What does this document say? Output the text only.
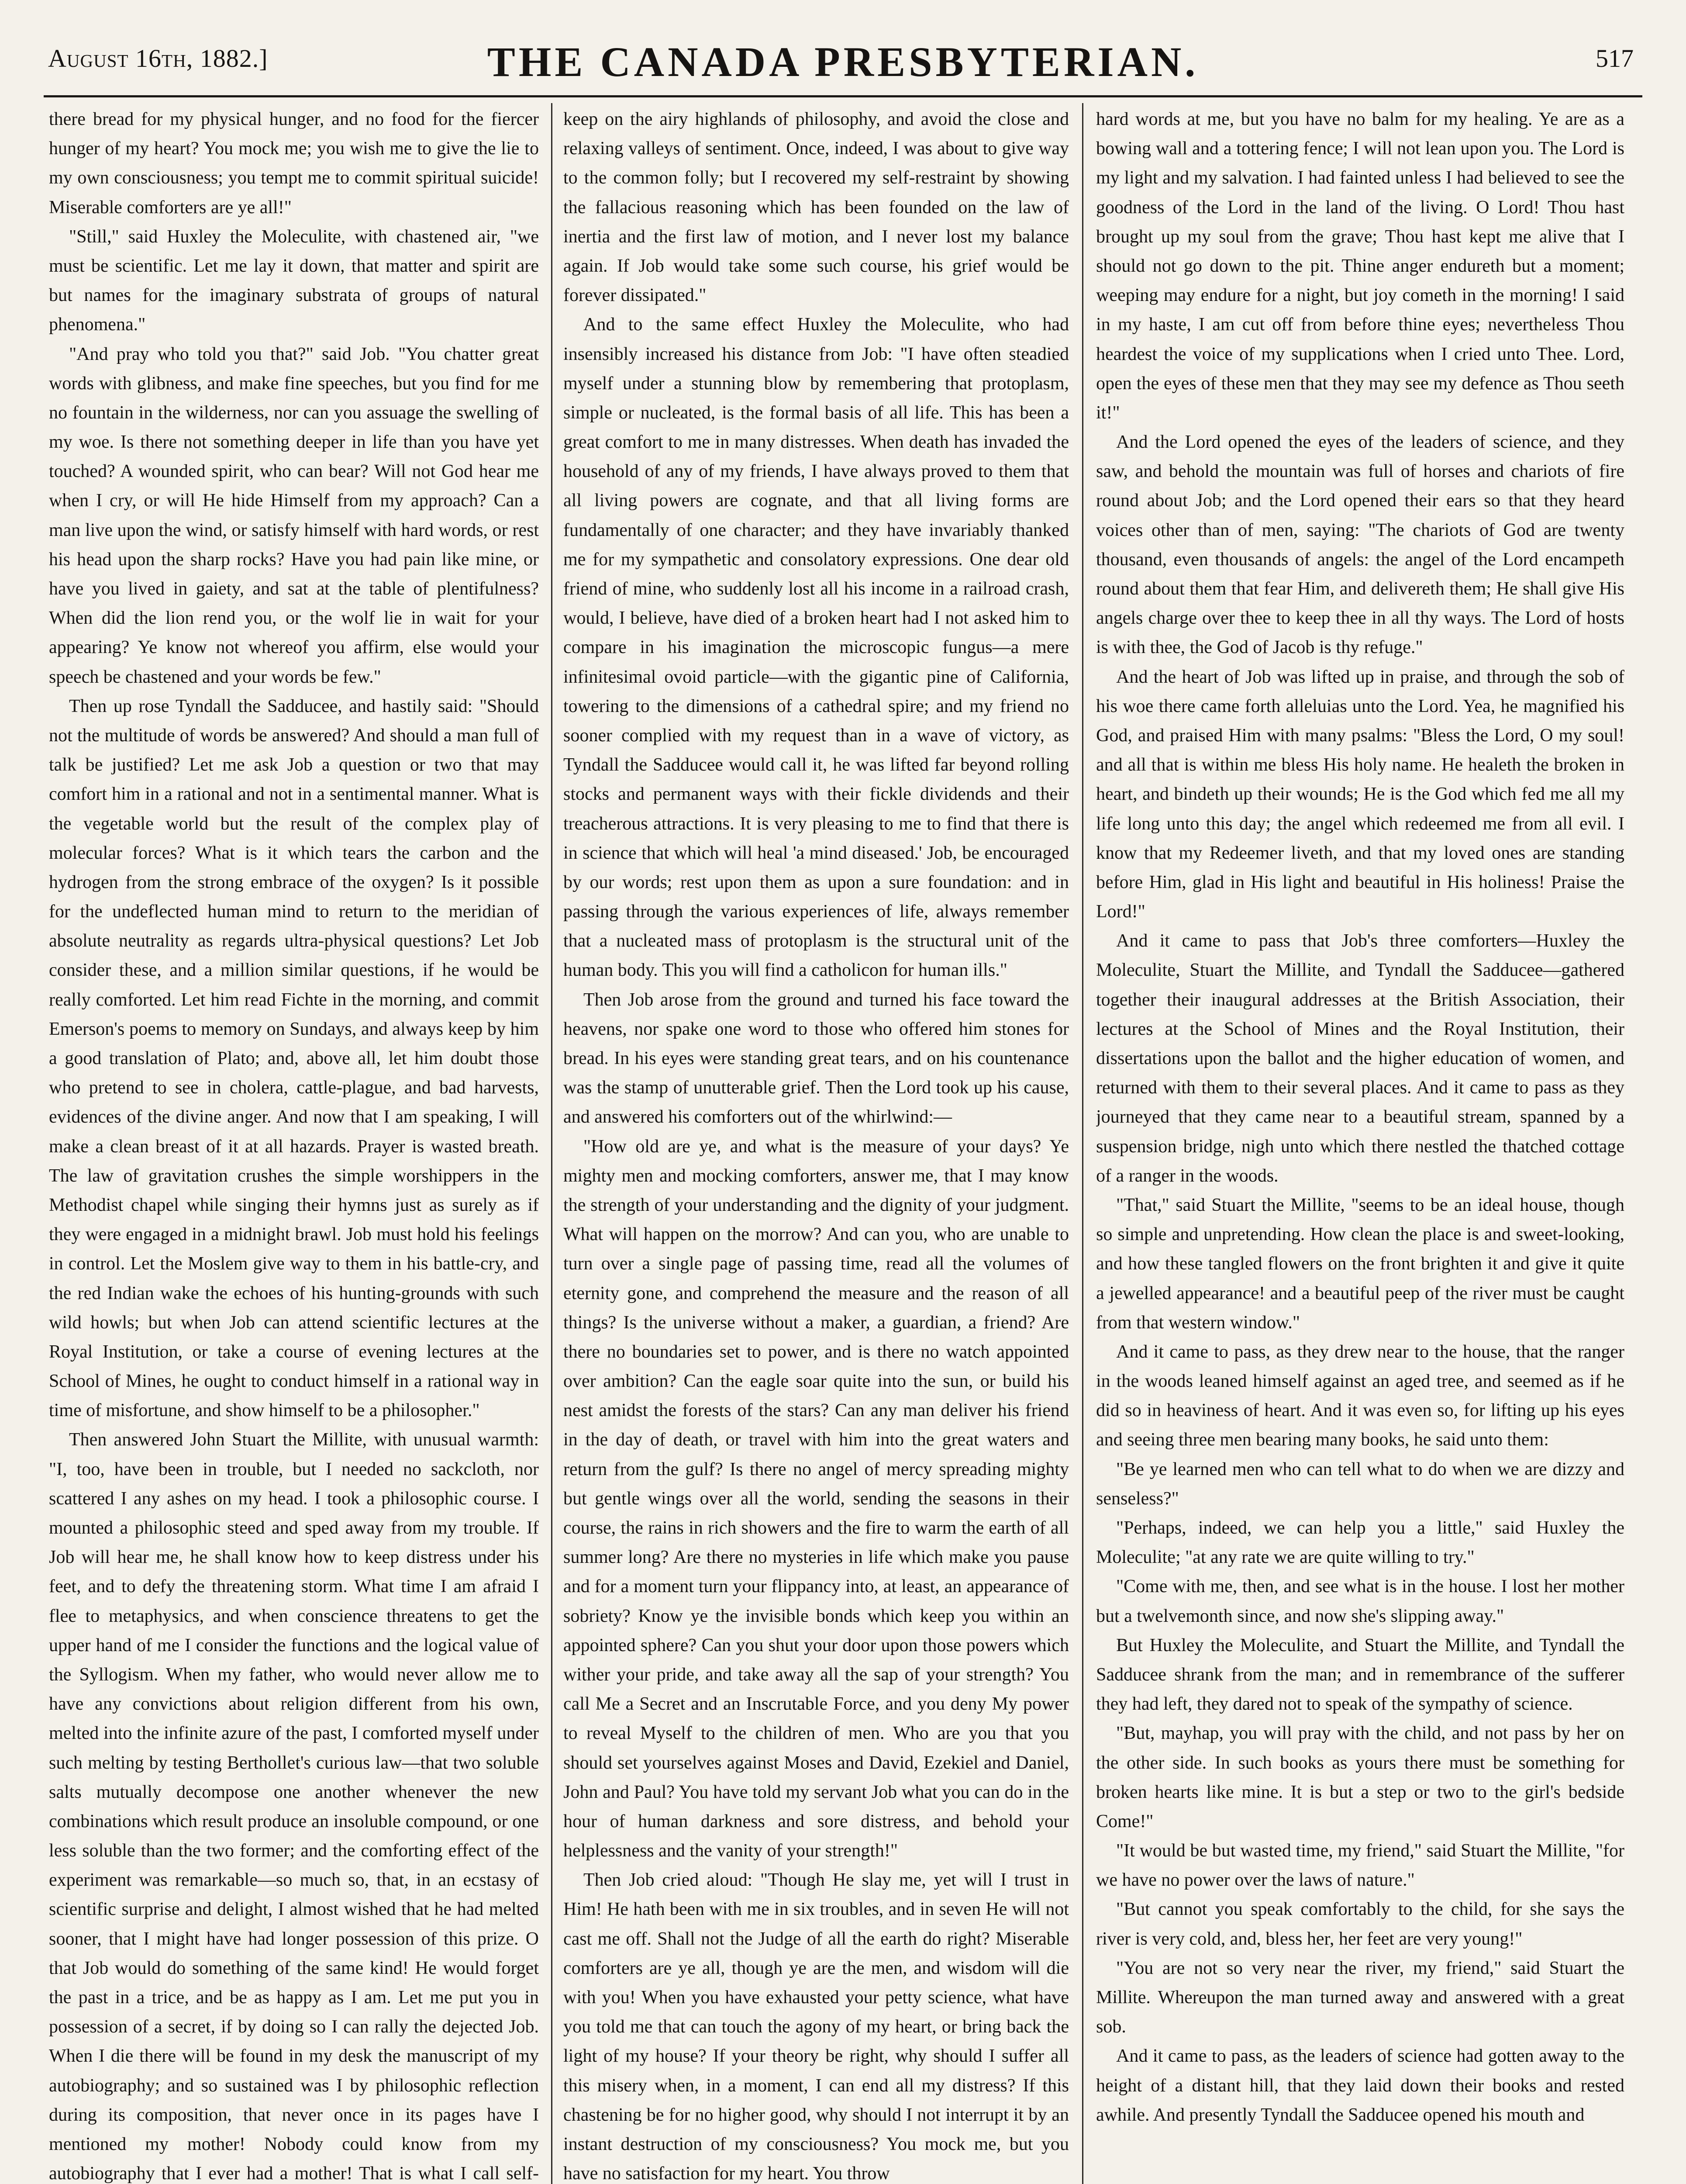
August 16th, 1882.]	THE CANADA PRESBYTERIAN.	517

there bread for my physical hunger, and no food for the fiercer hunger of my heart? You mock me; you wish me to give the lie to my own consciousness; you tempt me to commit spiritual suicide! Miserable comforters are ye all!"

"Still," said Huxley the Moleculite, with chastened air, "we must be scientific. Let me lay it down, that matter and spirit are but names for the imaginary substrata of groups of natural phenomena."

"And pray who told you that?" said Job. "You chatter great words with glibness, and make fine speeches, but you find for me no fountain in the wilderness, nor can you assuage the swelling of my woe. Is there not something deeper in life than you have yet touched? A wounded spirit, who can bear? Will not God hear me when I cry, or will He hide Himself from my approach? Can a man live upon the wind, or satisfy himself with hard words, or rest his head upon the sharp rocks? Have you had pain like mine, or have you lived in gaiety, and sat at the table of plentifulness? When did the lion rend you, or the wolf lie in wait for your appearing? Ye know not whereof you affirm, else would your speech be chastened and your words be few."

Then up rose Tyndall the Sadducee, and hastily said: "Should not the multitude of words be answered? And should a man full of talk be justified? Let me ask Job a question or two that may comfort him in a rational and not in a sentimental manner. What is the vegetable world but the result of the complex play of molecular forces? What is it which tears the carbon and the hydrogen from the strong embrace of the oxygen? Is it possible for the undeflected human mind to return to the meridian of absolute neutrality as regards ultra-physical questions? Let Job consider these, and a million similar questions, if he would be really comforted. Let him read Fichte in the morning, and commit Emerson's poems to memory on Sundays, and always keep by him a good translation of Plato; and, above all, let him doubt those who pretend to see in cholera, cattle-plague, and bad harvests, evidences of the divine anger. And now that I am speaking, I will make a clean breast of it at all hazards. Prayer is wasted breath. The law of gravitation crushes the simple worshippers in the Methodist chapel while singing their hymns just as surely as if they were engaged in a midnight brawl. Job must hold his feelings in control. Let the Moslem give way to them in his battle-cry, and the red Indian wake the echoes of his hunting-grounds with such wild howls; but when Job can attend scientific lectures at the Royal Institution, or take a course of evening lectures at the School of Mines, he ought to conduct himself in a rational way in time of misfortune, and show himself to be a philosopher."

Then answered John Stuart the Millite, with unusual warmth: "I, too, have been in trouble, but I needed no sackcloth, nor scattered I any ashes on my head. I took a philosophic course. I mounted a philosophic steed and sped away from my trouble. If Job will hear me, he shall know how to keep distress under his feet, and to defy the threatening storm. What time I am afraid I flee to metaphysics, and when conscience threatens to get the upper hand of me I consider the functions and the logical value of the Syllogism. When my father, who would never allow me to have any convictions about religion different from his own, melted into the infinite azure of the past, I comforted myself under such melting by testing Berthollet's curious law—that two soluble salts mutually decompose one another whenever the new combinations which result produce an insoluble compound, or one less soluble than the two former; and the comforting effect of the experiment was remarkable—so much so, that, in an ecstasy of scientific surprise and delight, I almost wished that he had melted sooner, that I might have had longer possession of this prize. O that Job would do something of the same kind! He would forget the past in a trice, and be as happy as I am. Let me put you in possession of a secret, if by doing so I can rally the dejected Job. When I die there will be found in my desk the manuscript of my autobiography; and so sustained was I by philosophic reflection during its composition, that never once in its pages have I mentioned my mother! Nobody could know from my autobiography that I ever had a mother! That is what I call self-

keep on the airy highlands of philosophy, and avoid the close and relaxing valleys of sentiment. Once, indeed, I was about to give way to the common folly; but I recovered my self-restraint by showing the fallacious reasoning which has been founded on the law of inertia and the first law of motion, and I never lost my balance again. If Job would take some such course, his grief would be forever dissipated."

And to the same effect Huxley the Moleculite, who had insensibly increased his distance from Job: "I have often steadied myself under a stunning blow by remembering that protoplasm, simple or nucleated, is the formal basis of all life. This has been a great comfort to me in many distresses. When death has invaded the household of any of my friends, I have always proved to them that all living powers are cognate, and that all living forms are fundamentally of one character; and they have invariably thanked me for my sympathetic and consolatory expressions. One dear old friend of mine, who suddenly lost all his income in a railroad crash, would, I believe, have died of a broken heart had I not asked him to compare in his imagination the microscopic fungus—a mere infinitesimal ovoid particle—with the gigantic pine of California, towering to the dimensions of a cathedral spire; and my friend no sooner complied with my request than in a wave of victory, as Tyndall the Sadducee would call it, he was lifted far beyond rolling stocks and permanent ways with their fickle dividends and their treacherous attractions. It is very pleasing to me to find that there is in science that which will heal 'a mind diseased.' Job, be encouraged by our words; rest upon them as upon a sure foundation: and in passing through the various experiences of life, always remember that a nucleated mass of protoplasm is the structural unit of the human body. This you will find a catholicon for human ills."

Then Job arose from the ground and turned his face toward the heavens, nor spake one word to those who offered him stones for bread. In his eyes were standing great tears, and on his countenance was the stamp of unutterable grief. Then the Lord took up his cause, and answered his comforters out of the whirlwind:—

"How old are ye, and what is the measure of your days? Ye mighty men and mocking comforters, answer me, that I may know the strength of your understanding and the dignity of your judgment. What will happen on the morrow? And can you, who are unable to turn over a single page of passing time, read all the volumes of eternity gone, and comprehend the measure and the reason of all things? Is the universe without a maker, a guardian, a friend? Are there no boundaries set to power, and is there no watch appointed over ambition? Can the eagle soar quite into the sun, or build his nest amidst the forests of the stars? Can any man deliver his friend in the day of death, or travel with him into the great waters and return from the gulf? Is there no angel of mercy spreading mighty but gentle wings over all the world, sending the seasons in their course, the rains in rich showers and the fire to warm the earth of all summer long? Are there no mysteries in life which make you pause and for a moment turn your flippancy into, at least, an appearance of sobriety? Know ye the invisible bonds which keep you within an appointed sphere? Can you shut your door upon those powers which wither your pride, and take away all the sap of your strength? You call Me a Secret and an Inscrutable Force, and you deny My power to reveal Myself to the children of men. Who are you that you should set yourselves against Moses and David, Ezekiel and Daniel, John and Paul? You have told my servant Job what you can do in the hour of human darkness and sore distress, and behold your helplessness and the vanity of your strength!"

Then Job cried aloud: "Though He slay me, yet will I trust in Him! He hath been with me in six troubles, and in seven He will not cast me off. Shall not the Judge of all the earth do right? Miserable comforters are ye all, though ye are the men, and wisdom will die with you! When you have exhausted your petty science, what have you told me that can touch the agony of my heart, or bring back the light of my house? If your theory be right, why should I suffer all this misery when, in a moment, I can end all my distress? If this chastening be for no higher good, why should I not interrupt it by an instant destruction of my consciousness? You mock me, but you have no satisfaction for my heart. You throw

hard words at me, but you have no balm for my healing. Ye are as a bowing wall and a tottering fence; I will not lean upon you. The Lord is my light and my salvation. I had fainted unless I had believed to see the goodness of the Lord in the land of the living. O Lord! Thou hast brought up my soul from the grave; Thou hast kept me alive that I should not go down to the pit. Thine anger endureth but a moment; weeping may endure for a night, but joy cometh in the morning! I said in my haste, I am cut off from before thine eyes; nevertheless Thou heardest the voice of my supplications when I cried unto Thee. Lord, open the eyes of these men that they may see my defence as Thou seeth it!"

And the Lord opened the eyes of the leaders of science, and they saw, and behold the mountain was full of horses and chariots of fire round about Job; and the Lord opened their ears so that they heard voices other than of men, saying: "The chariots of God are twenty thousand, even thousands of angels: the angel of the Lord encampeth round about them that fear Him, and delivereth them; He shall give His angels charge over thee to keep thee in all thy ways. The Lord of hosts is with thee, the God of Jacob is thy refuge."

And the heart of Job was lifted up in praise, and through the sob of his woe there came forth alleluias unto the Lord. Yea, he magnified his God, and praised Him with many psalms: "Bless the Lord, O my soul! and all that is within me bless His holy name. He healeth the broken in heart, and bindeth up their wounds; He is the God which fed me all my life long unto this day; the angel which redeemed me from all evil. I know that my Redeemer liveth, and that my loved ones are standing before Him, glad in His light and beautiful in His holiness! Praise the Lord!"

And it came to pass that Job's three comforters—Huxley the Moleculite, Stuart the Millite, and Tyndall the Sadducee—gathered together their inaugural addresses at the British Association, their lectures at the School of Mines and the Royal Institution, their dissertations upon the ballot and the higher education of women, and returned with them to their several places. And it came to pass as they journeyed that they came near to a beautiful stream, spanned by a suspension bridge, nigh unto which there nestled the thatched cottage of a ranger in the woods.

"That," said Stuart the Millite, "seems to be an ideal house, though so simple and unpretending. How clean the place is and sweet-looking, and how these tangled flowers on the front brighten it and give it quite a jewelled appearance! and a beautiful peep of the river must be caught from that western window."

And it came to pass, as they drew near to the house, that the ranger in the woods leaned himself against an aged tree, and seemed as if he did so in heaviness of heart. And it was even so, for lifting up his eyes and seeing three men bearing many books, he said unto them:

"Be ye learned men who can tell what to do when we are dizzy and senseless?"

"Perhaps, indeed, we can help you a little," said Huxley the Moleculite; "at any rate we are quite willing to try."

"Come with me, then, and see what is in the house. I lost her mother but a twelvemonth since, and now she's slipping away."

But Huxley the Moleculite, and Stuart the Millite, and Tyndall the Sadducee shrank from the man; and in remembrance of the sufferer they had left, they dared not to speak of the sympathy of science.

"But, mayhap, you will pray with the child, and not pass by her on the other side. In such books as yours there must be something for broken hearts like mine. It is but a step or two to the girl's bedside Come!"

"It would be but wasted time, my friend," said Stuart the Millite, "for we have no power over the laws of nature."

"But cannot you speak comfortably to the child, for she says the river is very cold, and, bless her, her feet are very young!"

"You are not so very near the river, my friend," said Stuart the Millite. Whereupon the man turned away and answered with a great sob.

And it came to pass, as the leaders of science had gotten away to the height of a distant hill, that they laid down their books and rested awhile. And presently Tyndall the Sadducee opened his mouth and
